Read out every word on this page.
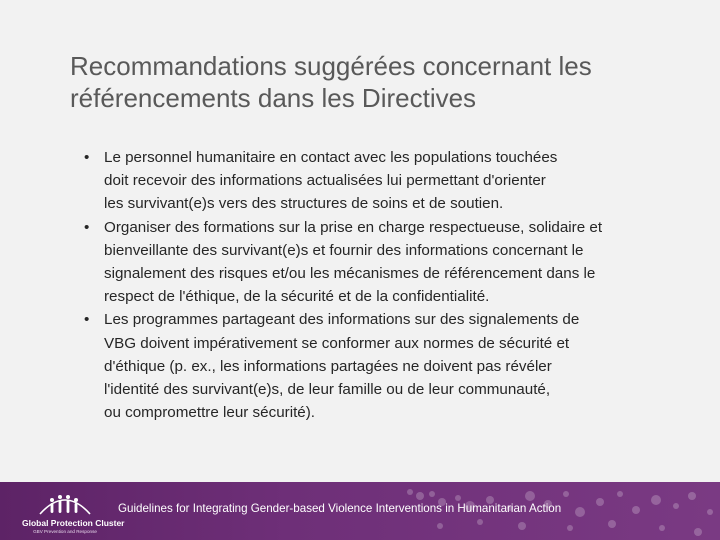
Recommandations suggérées concernant les
référencements dans les Directives
• Le personnel humanitaire en contact avec les populations touchées
doit recevoir des informations actualisées lui permettant d'orienter
les survivant(e)s vers des structures de soins et de soutien.
• Organiser des formations sur la prise en charge respectueuse, solidaire et
bienveillante des survivant(e)s et fournir des informations concernant le
signalement des risques et/ou les mécanismes de référencement dans le
respect de l'éthique, de la sécurité et de la confidentialité.
• Les programmes partageant des informations sur des signalements de
VBG doivent impérativement se conformer aux normes de sécurité et
d'éthique (p. ex., les informations partagées ne doivent pas révéler
l'identité des survivant(e)s, de leur famille ou de leur communauté,
ou compromettre leur sécurité).
Global Protection Cluster
GBV Prevention and Response
Guidelines for Integrating Gender-based Violence Interventions in Humanitarian Action
